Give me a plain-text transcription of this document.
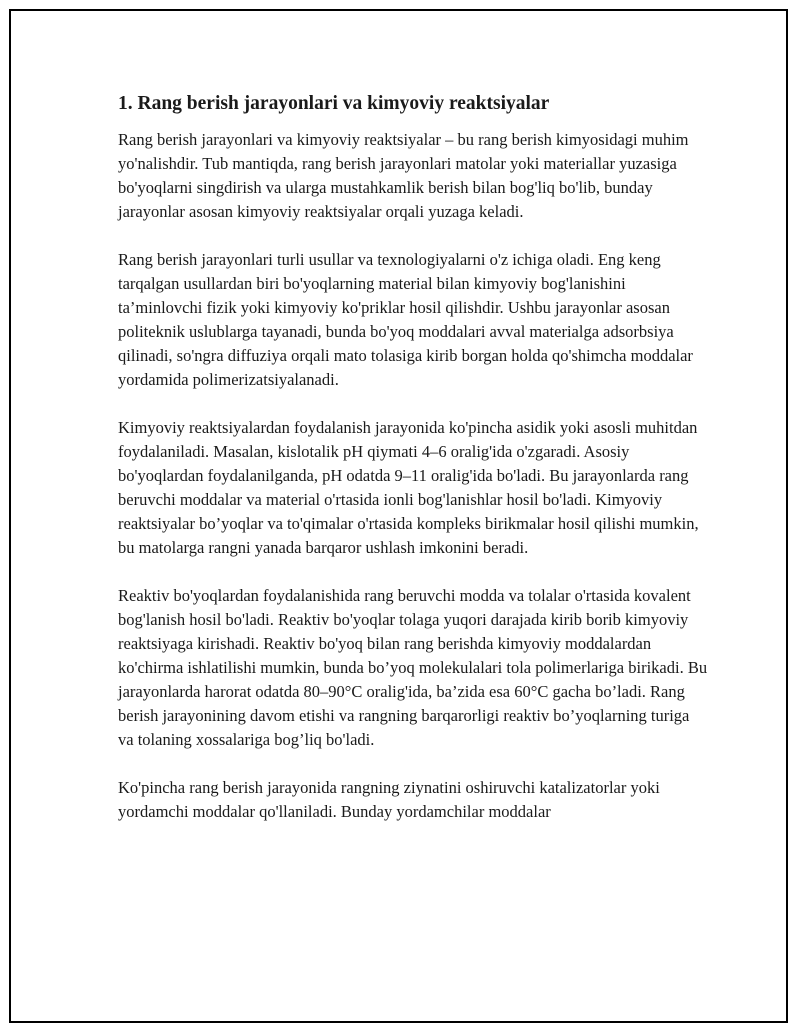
1. Rang berish jarayonlari va kimyoviy reaktsiyalar

Rang berish jarayonlari va kimyoviy reaktsiyalar – bu rang berish kimyosidagi muhim yo'nalishdir. Tub mantiqda, rang berish jarayonlari matolar yoki materiallar yuzasiga bo'yoqlarni singdirish va ularga mustahkamlik berish bilan bog'liq bo'lib, bunday jarayonlar asosan kimyoviy reaktsiyalar orqali yuzaga keladi.

Rang berish jarayonlari turli usullar va texnologiyalarni o'z ichiga oladi. Eng keng tarqalgan usullardan biri bo'yoqlarning material bilan kimyoviy bog'lanishini ta’minlovchi fizik yoki kimyoviy ko'priklar hosil qilishdir. Ushbu jarayonlar asosan politeknik uslublarga tayanadi, bunda bo'yoq moddalari avval materialga adsorbsiya qilinadi, so'ngra diffuziya orqali mato tolasiga kirib borgan holda qo'shimcha moddalar yordamida polimerizatsiyalanadi.

Kimyoviy reaktsiyalardan foydalanish jarayonida ko'pincha asidik yoki asosli muhitdan foydalaniladi. Masalan, kislotalik pH qiymati 4–6 oralig'ida o'zgaradi. Asosiy bo'yoqlardan foydalanilganda, pH odatda 9–11 oralig'ida bo'ladi. Bu jarayonlarda rang beruvchi moddalar va material o'rtasida ionli bog'lanishlar hosil bo'ladi. Kimyoviy reaktsiyalar bo’yoqlar va to'qimalar o'rtasida kompleks birikmalar hosil qilishi mumkin, bu matolarga rangni yanada barqaror ushlash imkonini beradi.

Reaktiv bo'yoqlardan foydalanishida rang beruvchi modda va tolalar o'rtasida kovalent bog'lanish hosil bo'ladi. Reaktiv bo'yoqlar tolaga yuqori darajada kirib borib kimyoviy reaktsiyaga kirishadi. Reaktiv bo'yoq bilan rang berishda kimyoviy moddalardan ko'chirma ishlatilishi mumkin, bunda bo’yoq molekulalari tola polimerlariga birikadi. Bu jarayonlarda harorat odatda 80–90°C oralig'ida, ba’zida esa 60°C gacha bo’ladi. Rang berish jarayonining davom etishi va rangning barqarorligi reaktiv bo’yoqlarning turiga va tolaning xossalariga bog’liq bo'ladi.

Ko'pincha rang berish jarayonida rangning ziynatini oshiruvchi katalizatorlar yoki yordamchi moddalar qo'llaniladi. Bunday yordamchilar moddalar
